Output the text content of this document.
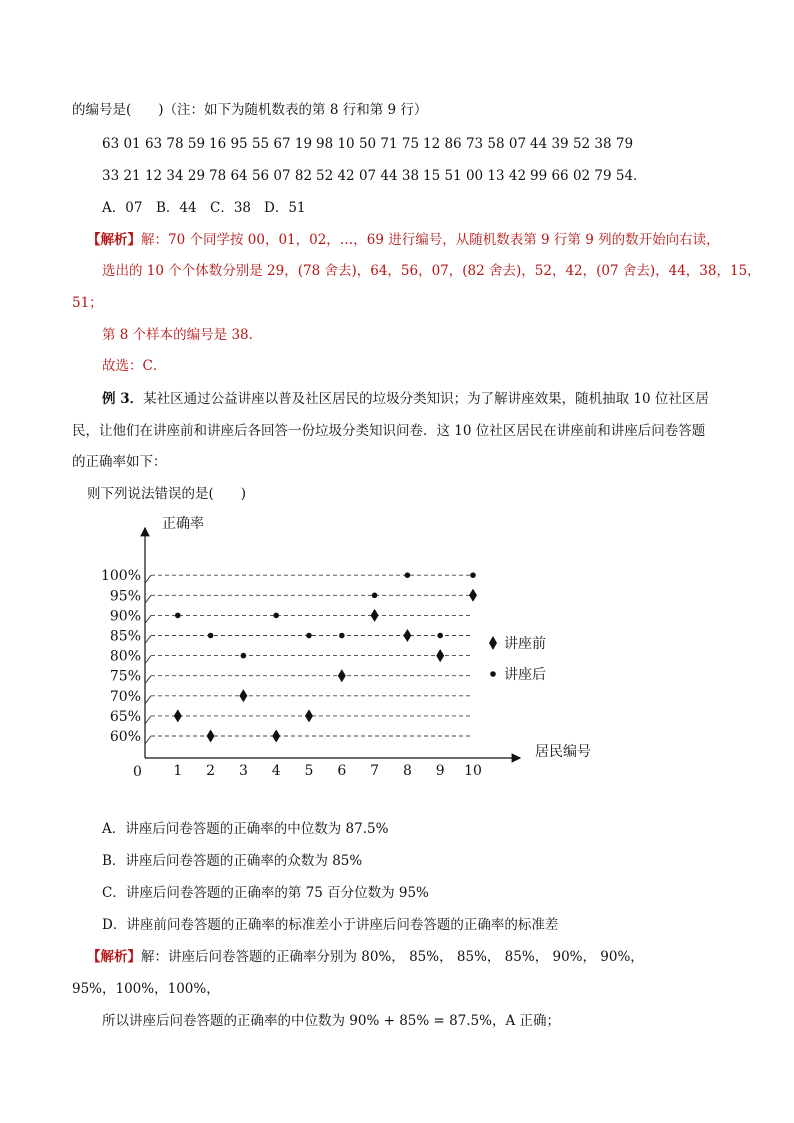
的编号是(　　)（注：如下为随机数表的第 8 行和第 9 行）
63 01 63 78 59 16 95 55 67 19 98 10 50 71 75 12 86 73 58 07 44 39 52 38 79
33 21 12 34 29 78 64 56 07 82 52 42 07 44 38 15 51 00 13 42 99 66 02 79 54．
A．07 B．44 C．38 D．51
【解析】解：70 个同学按 00，01，02，…，69 进行编号，从随机数表第 9 行第 9 列的数开始向右读，
选出的 10 个个体数分别是 29，(78 舍去)，64，56，07，(82 舍去)，52，42，(07 舍去)，44，38，15，
51；
第 8 个样本的编号是 38．
故选：C．
例 3．某社区通过公益讲座以普及社区居民的垃圾分类知识；为了解讲座效果，随机抽取 10 位社区居
民，让他们在讲座前和讲座后各回答一份垃圾分类知识问卷．这 10 位社区居民在讲座前和讲座后问卷答题
的正确率如下：
则下列说法错误的是(　　)
60%
65%
70%
75%
80%
85%
90%
95%
100%
1 2 3 4 5 6 7 8 9 10
正确率
居民编号
0
讲座前
讲座后
A．讲座后问卷答题的正确率的中位数为 87.5%
B．讲座后问卷答题的正确率的众数为 85%
C．讲座后问卷答题的正确率的第 75 百分位数为 95%
D．讲座前问卷答题的正确率的标准差小于讲座后问卷答题的正确率的标准差
【解析】解：讲座后问卷答题的正确率分别为 80%， 85%， 85%， 85%， 90%， 90%，
95%，100%，100%，
所以讲座后问卷答题的正确率的中位数为 90% + 85% = 87.5%，A 正确；
